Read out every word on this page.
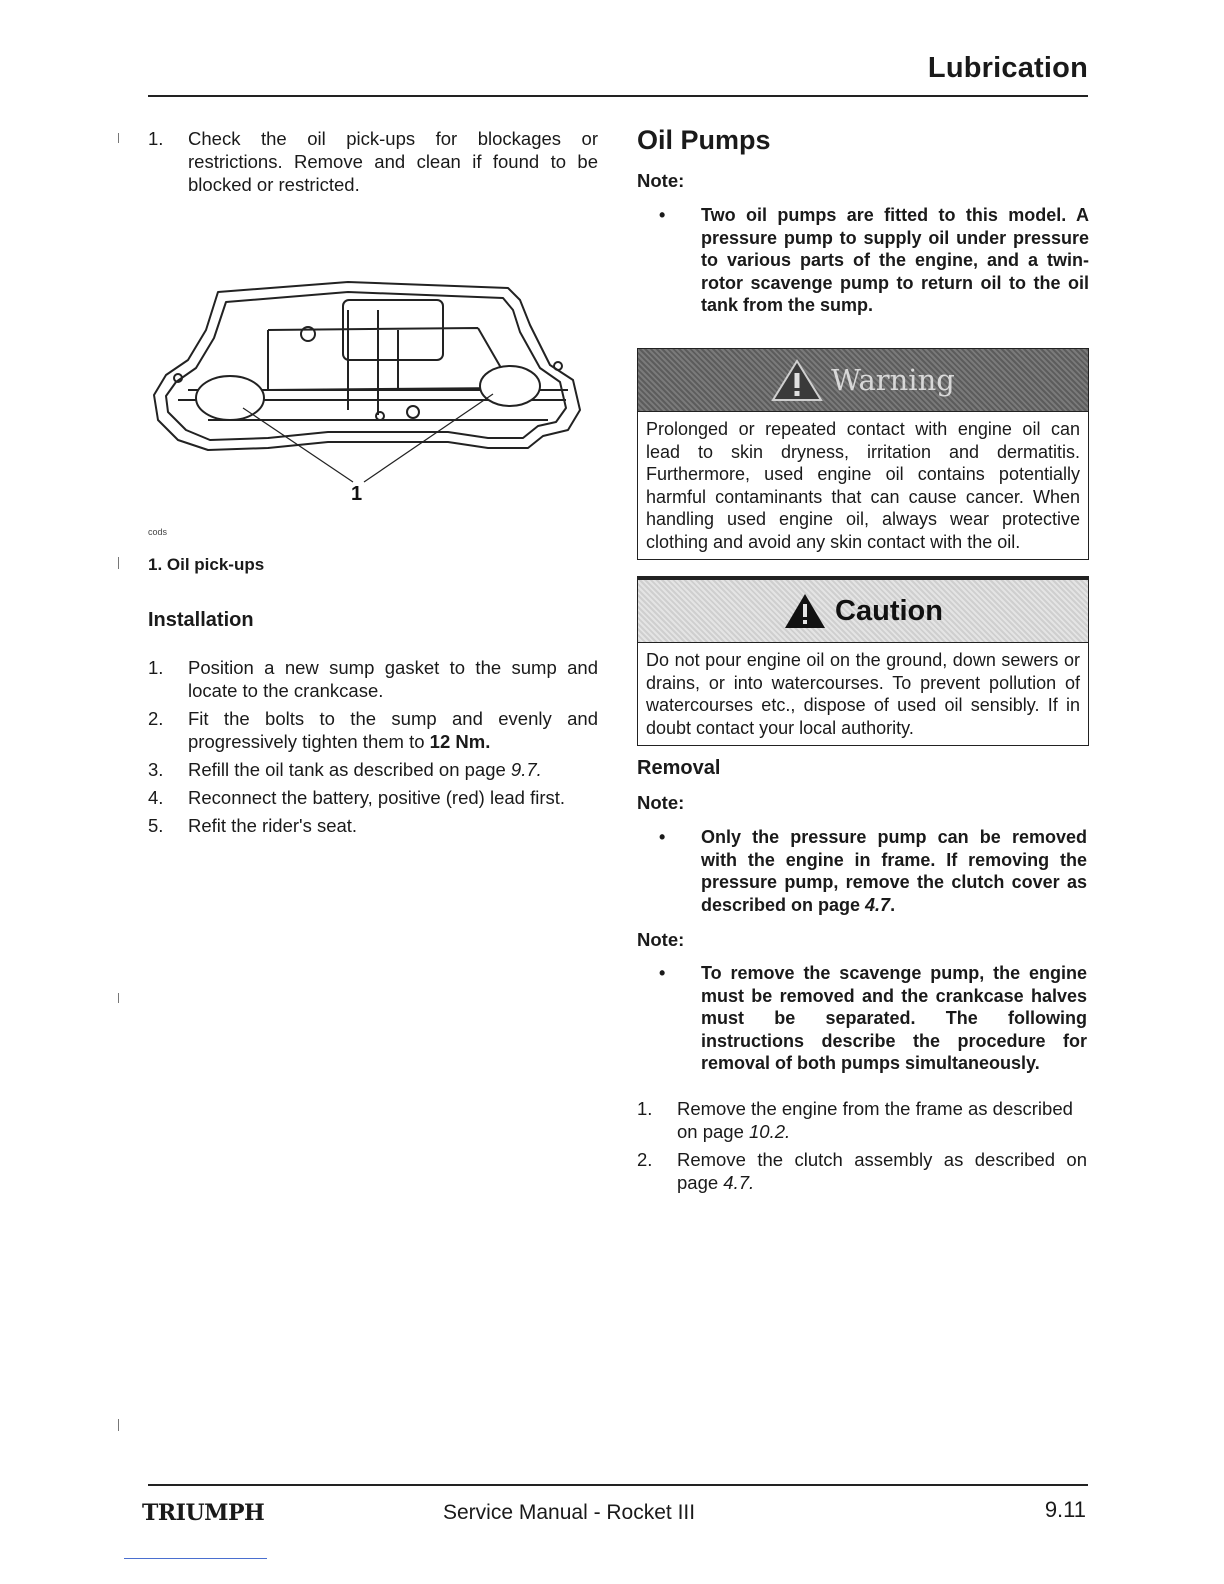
Lubrication
1.	Check the oil pick-ups for blockages or restrictions. Remove and clean if found to be blocked or restricted.
1
cods
1. Oil pick-ups
Installation
1.	Position a new sump gasket to the sump and locate to the crankcase.
2.	Fit the bolts to the sump and evenly and progressively tighten them to 12 Nm.
3.	Refill the oil tank as described on page 9.7.
4.	Reconnect the battery, positive (red) lead first.
5.	Refit the rider's seat.
Oil Pumps
Note:
•	Two oil pumps are fitted to this model. A pressure pump to supply oil under pressure to various parts of the engine, and a twin-rotor scavenge pump to return oil to the oil tank from the sump.
Warning
Prolonged or repeated contact with engine oil can lead to skin dryness, irritation and dermatitis. Furthermore, used engine oil contains potentially harmful contaminants that can cause cancer. When handling used engine oil, always wear protective clothing and avoid any skin contact with the oil.
Caution
Do not pour engine oil on the ground, down sewers or drains, or into watercourses. To prevent pollution of watercourses etc., dispose of used oil sensibly. If in doubt contact your local authority.
Removal
Note:
•	Only the pressure pump can be removed with the engine in frame. If removing the pressure pump, remove the clutch cover as described on page 4.7.
Note:
•	To remove the scavenge pump, the engine must be removed and the crankcase halves must be separated. The following instructions describe the procedure for removal of both pumps simultaneously.
1.	Remove the engine from the frame as described on page 10.2.
2.	Remove the clutch assembly as described on page 4.7.
TRIUMPH	Service Manual - Rocket III	9.11
